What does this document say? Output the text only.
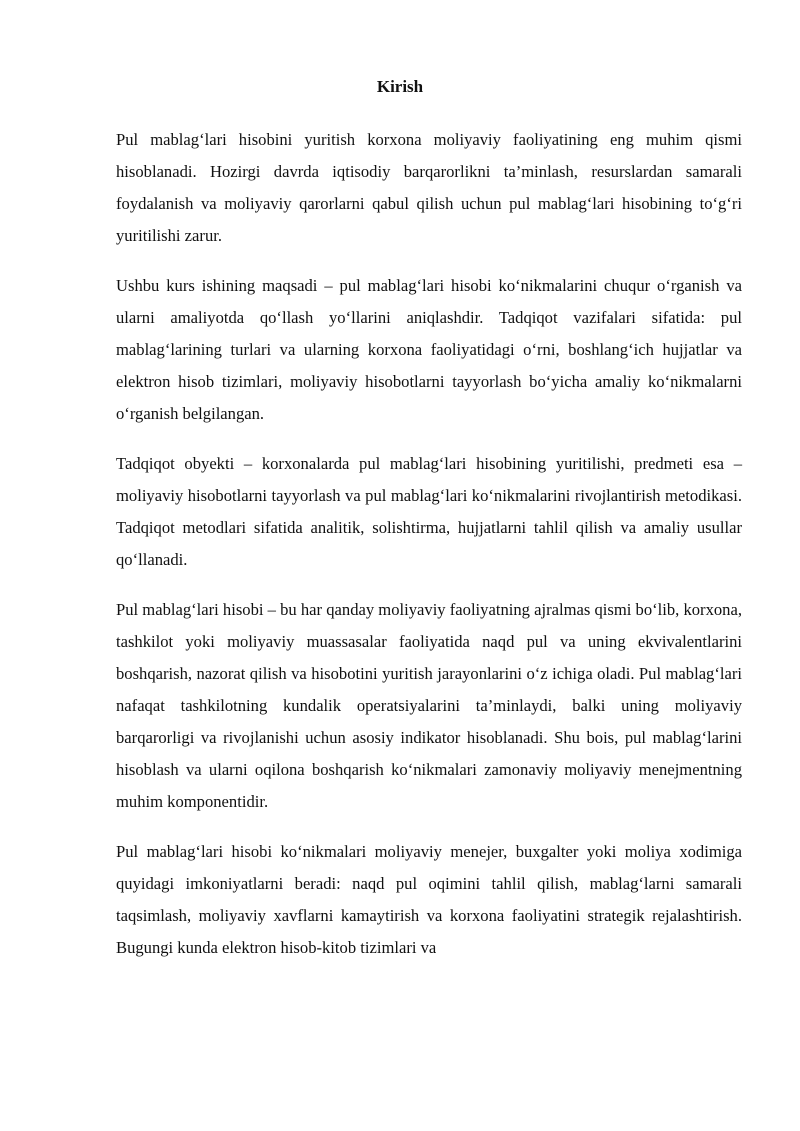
Kirish

Pul mablag‘lari hisobini yuritish korxona moliyaviy faoliyatining eng muhim qismi hisoblanadi. Hozirgi davrda iqtisodiy barqarorlikni ta’minlash, resurslardan samarali foydalanish va moliyaviy qarorlarni qabul qilish uchun pul mablag‘lari hisobining to‘g‘ri yuritilishi zarur.

Ushbu kurs ishining maqsadi – pul mablag‘lari hisobi ko‘nikmalarini chuqur o‘rganish va ularni amaliyotda qo‘llash yo‘llarini aniqlashdir. Tadqiqot vazifalari sifatida: pul mablag‘larining turlari va ularning korxona faoliyatidagi o‘rni, boshlang‘ich hujjatlar va elektron hisob tizimlari, moliyaviy hisobotlarni tayyorlash bo‘yicha amaliy ko‘nikmalarni o‘rganish belgilangan.

Tadqiqot obyekti – korxonalarda pul mablag‘lari hisobining yuritilishi, predmeti esa – moliyaviy hisobotlarni tayyorlash va pul mablag‘lari ko‘nikmalarini rivojlantirish metodikasi. Tadqiqot metodlari sifatida analitik, solishtirma, hujjatlarni tahlil qilish va amaliy usullar qo‘llanadi.

Pul mablag‘lari hisobi – bu har qanday moliyaviy faoliyatning ajralmas qismi bo‘lib, korxona, tashkilot yoki moliyaviy muassasalar faoliyatida naqd pul va uning ekvivalentlarini boshqarish, nazorat qilish va hisobotini yuritish jarayonlarini o‘z ichiga oladi. Pul mablag‘lari nafaqat tashkilotning kundalik operatsiyalarini ta’minlaydi, balki uning moliyaviy barqarorligi va rivojlanishi uchun asosiy indikator hisoblanadi. Shu bois, pul mablag‘larini hisoblash va ularni oqilona boshqarish ko‘nikmalari zamonaviy moliyaviy menejmentning muhim komponentidir.

Pul mablag‘lari hisobi ko‘nikmalari moliyaviy menejer, buxgalter yoki moliya xodimiga quyidagi imkoniyatlarni beradi: naqd pul oqimini tahlil qilish, mablag‘larni samarali taqsimlash, moliyaviy xavflarni kamaytirish va korxona faoliyatini strategik rejalashtirish. Bugungi kunda elektron hisob-kitob tizimlari va
